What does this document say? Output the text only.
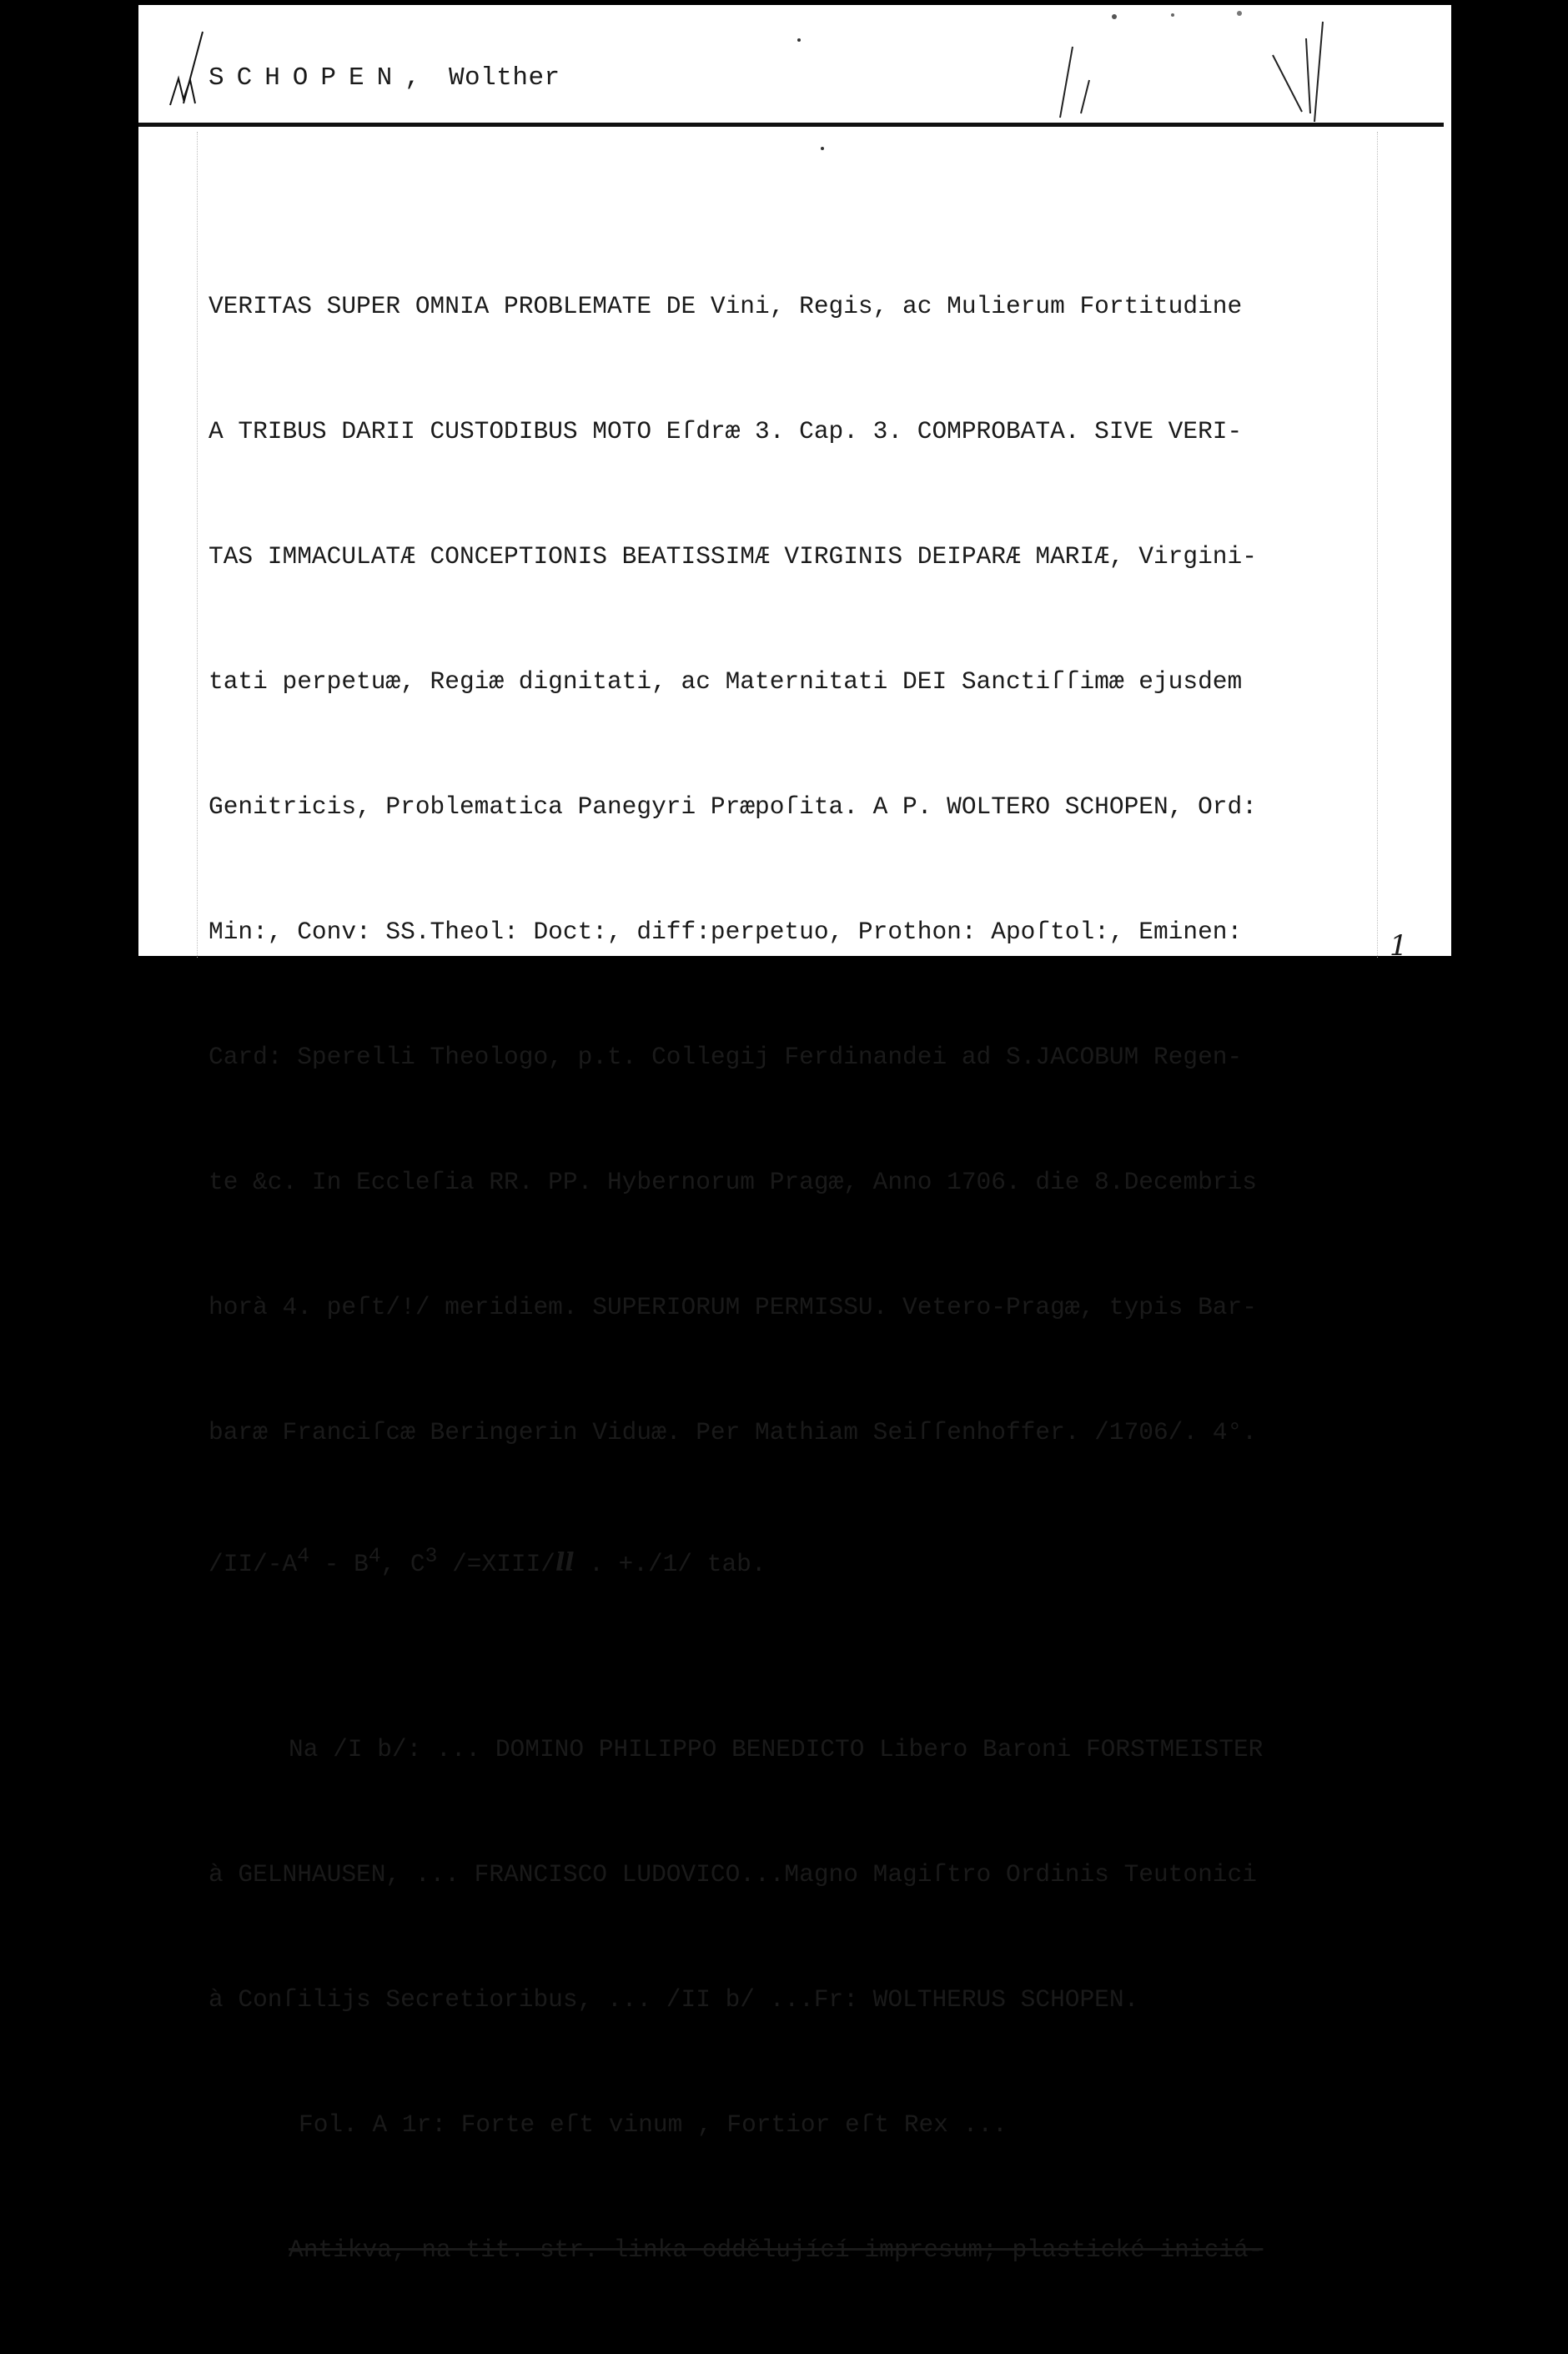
SCHOPEN, Wolther

VERITAS SUPER OMNIA PROBLEMATE DE Vini, Regis, ac Mulierum Fortitudine

A TRIBUS DARII CUSTODIBUS MOTO Eſdræ 3. Cap. 3. COMPROBATA. SIVE VERI-

TAS IMMACULATÆ CONCEPTIONIS BEATISSIMÆ VIRGINIS DEIPARÆ MARIÆ, Virgini-

tati perpetuæ, Regiæ dignitati, ac Maternitati DEI Sanctiſſimæ ejusdem

Genitricis, Problematica Panegyri Præpoſita. A P. WOLTERO SCHOPEN, Ord:

Min:, Conv: SS.Theol: Doct:, diff:perpetuo, Prothon: Apoſtol:, Eminen:

Card: Sperelli Theologo, p.t. Collegij Ferdinandei ad S.JACOBUM Regen-

te &c. In Eccleſia RR. PP. Hybernorum Pragæ, Anno 1706. die 8.Decembris

horà 4. peſt/!/ meridiem. SUPERIORUM PERMISSU. Vetero-Pragæ, typis Bar-

baræ Franciſcæ Beringerin Viduæ. Per Mathiam Seiſſenhoffer. /1706/. 4°.

$/II/-A^4 - B^4$, $C^3$ /=XIII/ll . +./1/ tab.

Na /I b/: ... DOMINO PHILIPPO BENEDICTO Libero Baroni FORSTMEISTER

à GELNHAUSEN, ... FRANCISCO LUDOVICO...Magno Magiſtro Ordinis Teutonici

à Conſilijs Secretioribus, ... /II b/ ...Fr: WOLTHERUS SCHOPEN.

Fol. A 1r: Forte eſt vinum , Fortior eſt Rex ...

Antikva, na tit. str. linka oddělující impresum; plastické iniciá-

1
